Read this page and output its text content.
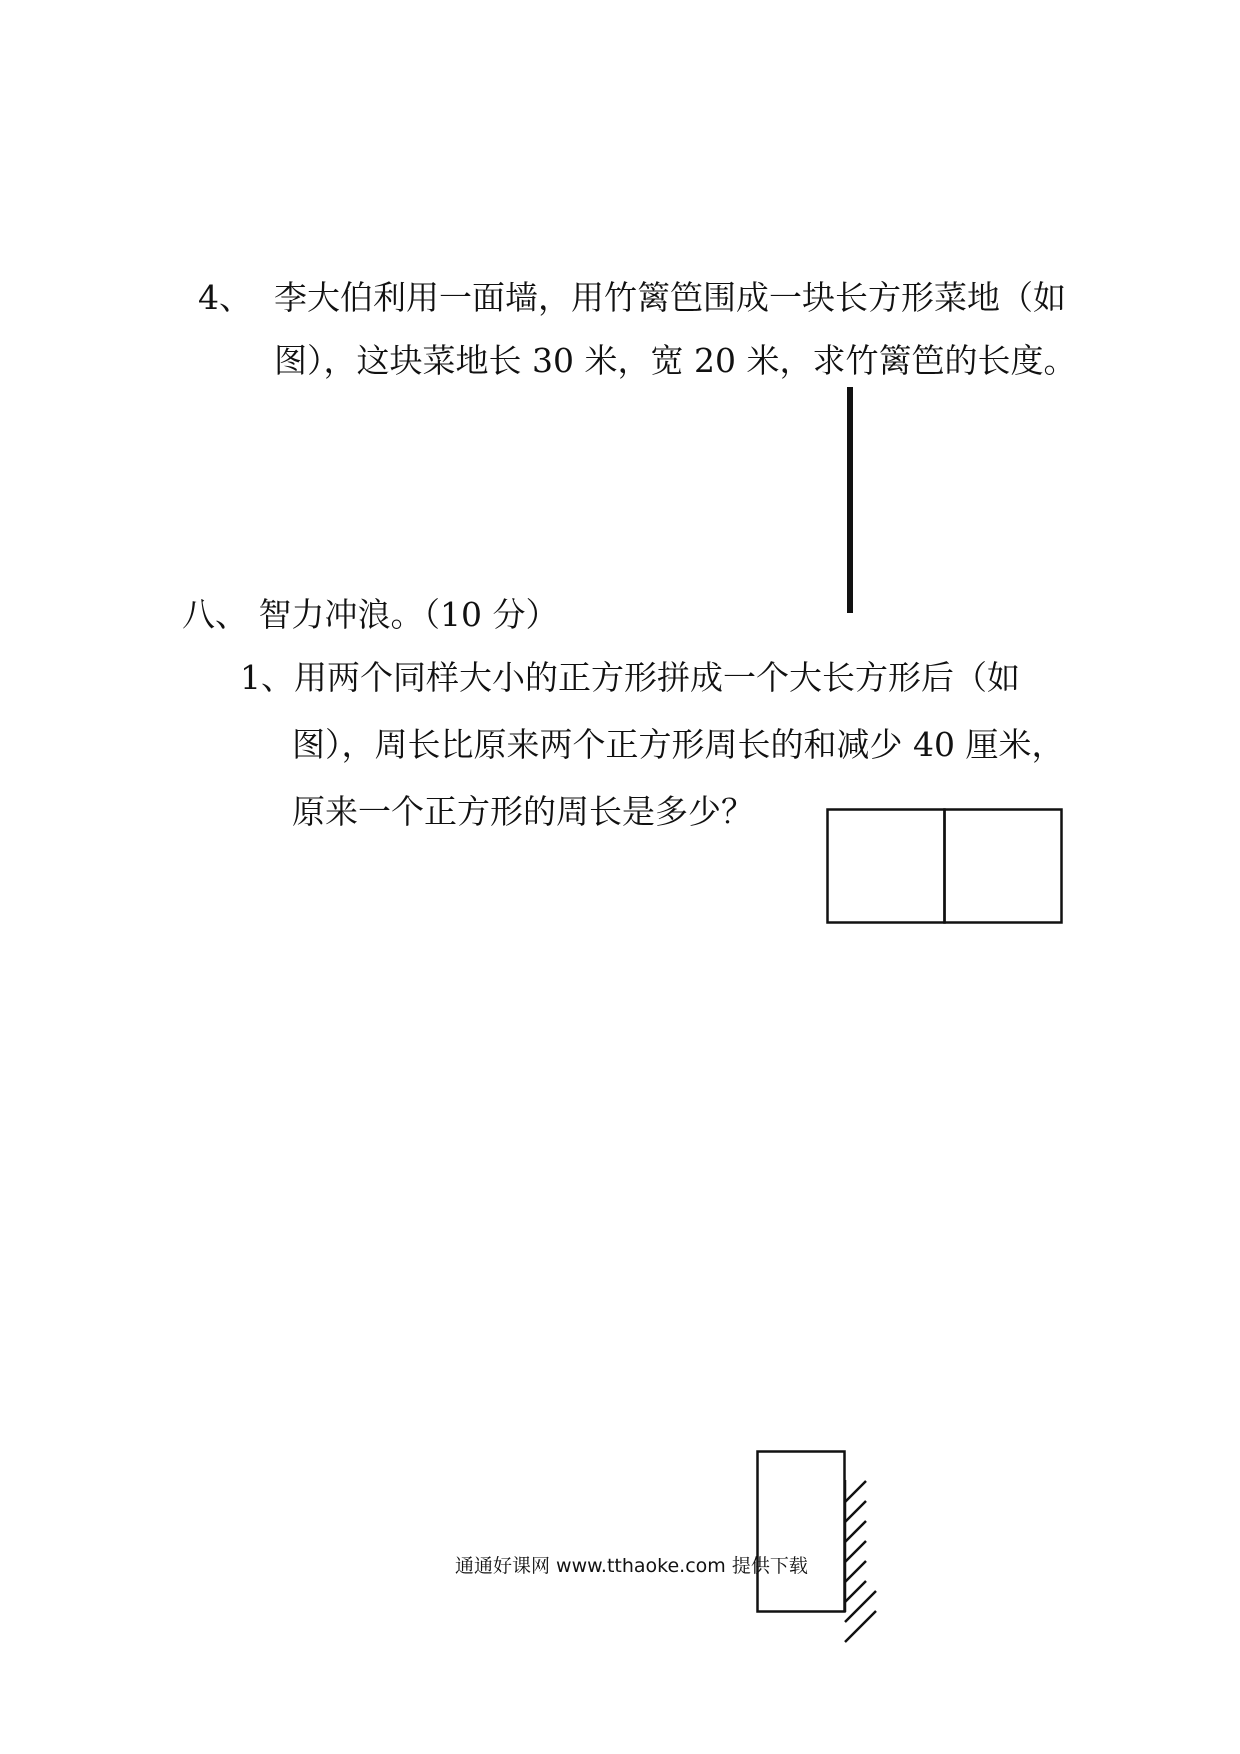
4、 李大伯利用一面墙，用竹篱笆围成一块长方形菜地（如
图），这块菜地长 30 米，宽 20 米，求竹篱笆的长度。
八、 智力冲浪。（10 分）
1、用两个同样大小的正方形拼成一个大长方形后（如
图），周长比原来两个正方形周长的和减少 40 厘米，
原来一个正方形的周长是多少？
通通好课网 www.tthaoke.com 提供下载
